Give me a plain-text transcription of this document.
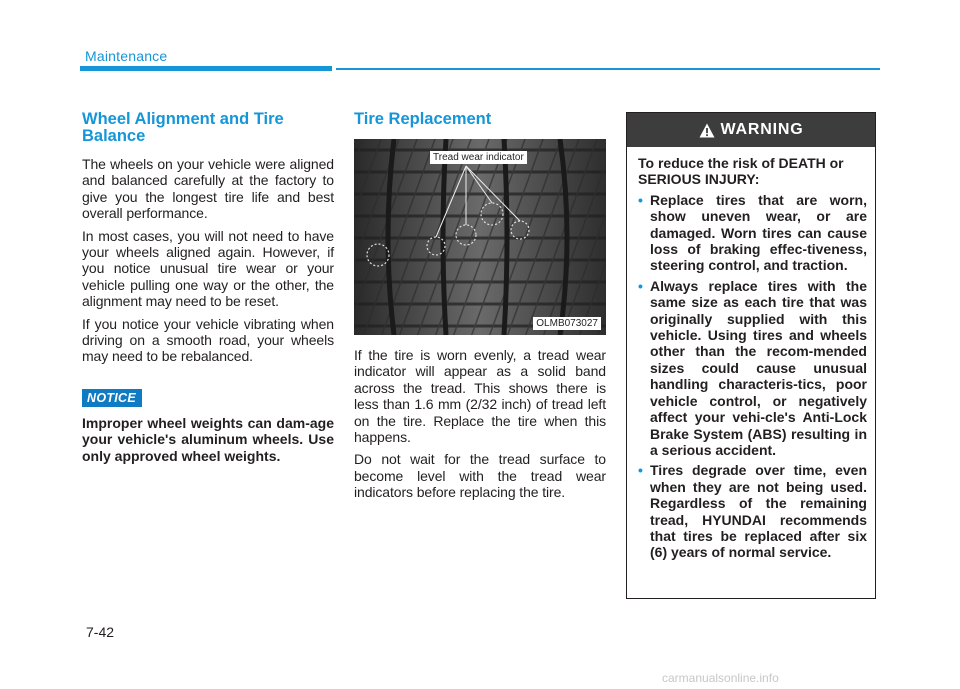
Maintenance
Wheel Alignment and Tire Balance

The wheels on your vehicle were aligned and balanced carefully at the factory to give you the longest tire life and best overall performance.

In most cases, you will not need to have your wheels aligned again. However, if you notice unusual tire wear or your vehicle pulling one way or the other, the alignment may need to be reset.

If you notice your vehicle vibrating when driving on a smooth road, your wheels may need to be rebalanced.

NOTICE

Improper wheel weights can dam-age your vehicle's aluminum wheels. Use only approved wheel weights.

Tire Replacement
Tread wear indicator
OLMB073027

If the tire is worn evenly, a tread wear indicator will appear as a solid band across the tread. This shows there is less than 1.6 mm (2/32 inch) of tread left on the tire. Replace the tire when this happens.

Do not wait for the tread surface to become level with the tread wear indicators before replacing the tire.

WARNING

To reduce the risk of DEATH or SERIOUS INJURY:

• Replace tires that are worn, show uneven wear, or are damaged. Worn tires can cause loss of braking effec-tiveness, steering control, and traction.
• Always replace tires with the same size as each tire that was originally supplied with this vehicle. Using tires and wheels other than the recom-mended sizes could cause unusual handling characteris-tics, poor vehicle control, or negatively affect your vehi-cle's Anti-Lock Brake System (ABS) resulting in a serious accident.
• Tires degrade over time, even when they are not being used. Regardless of the remaining tread, HYUNDAI recommends that tires be replaced after six (6) years of normal service.
7-42
carmanualsonline.info
